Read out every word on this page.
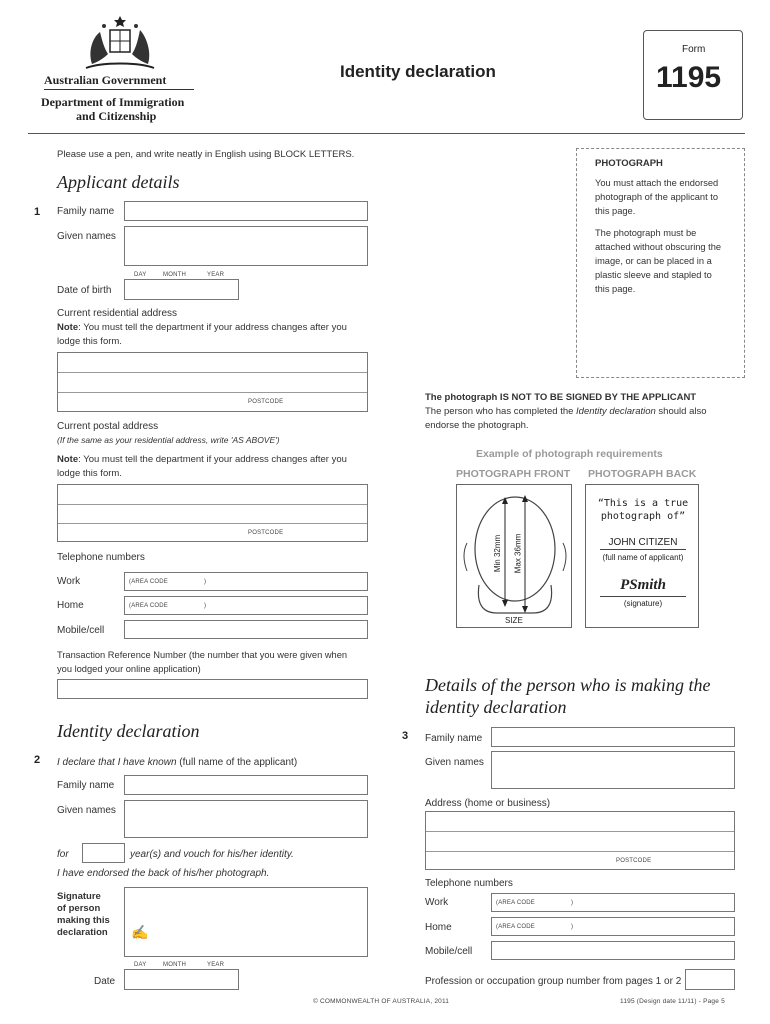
Australian Government
Department of Immigration
and Citizenship
Identity declaration
Form
1195
Please use a pen, and write neatly in English using BLOCK LETTERS.
Applicant details
1 Family name
Given names
DAY	MONTH	YEAR
Date of birth
Current residential address
Note: You must tell the department if your address changes after you
lodge this form.
POSTCODE
Current postal address
(If the same as your residential address, write 'AS ABOVE')
Note: You must tell the department if your address changes after you
lodge this form.
POSTCODE
Telephone numbers
Work	(AREA CODE	)
Home	(AREA CODE	)
Mobile/cell
Transaction Reference Number (the number that you were given when
you lodged your online application)
Identity declaration
2 I declare that I have known (full name of the applicant)
Family name
Given names
for	year(s) and vouch for his/her identity.
I have endorsed the back of his/her photograph.
Signature
of person
making this
declaration ✍
DAY	MONTH	YEAR
Date
PHOTOGRAPH
You must attach the endorsed
photograph of the applicant to
this page.
The photograph must be
attached without obscuring the
image, or can be placed in a
plastic sleeve and stapled to
this page.
The photograph IS NOT TO BE SIGNED BY THE APPLICANT
The person who has completed the Identity declaration should also
endorse the photograph.
Example of photograph requirements
PHOTOGRAPH FRONT PHOTOGRAPH BACK
Min 32mm Max 36mm
SIZE
“This is a true
photograph of”
JOHN CITIZEN
(full name of applicant)
PSmith
(signature)
Details of the person who is making the
identity declaration
3 Family name
Given names
Address (home or business)
POSTCODE
Telephone numbers
Work	(AREA CODE	)
Home	(AREA CODE	)
Mobile/cell
Profession or occupation group number from pages 1 or 2
© COMMONWEALTH OF AUSTRALIA, 2011	1195 (Design date 11/11) - Page 5
